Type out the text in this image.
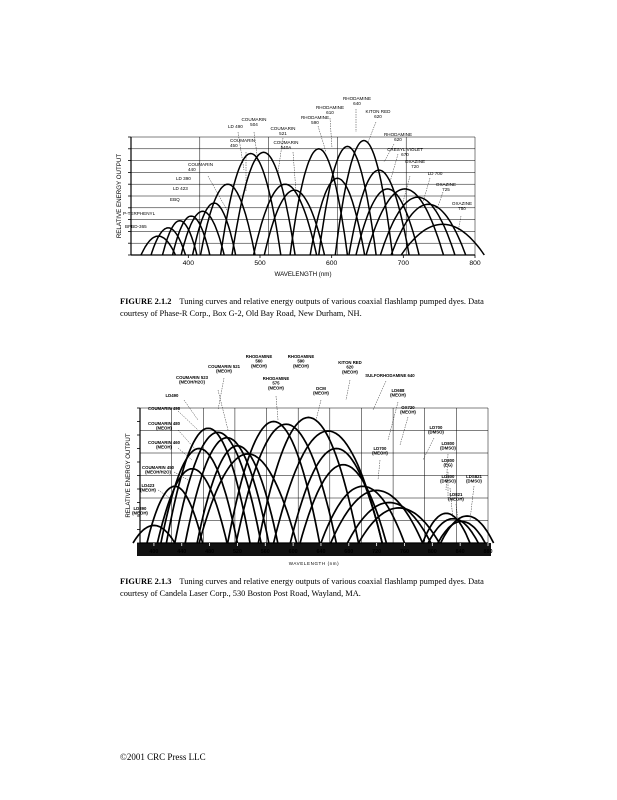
400	500	600	700	800
WAVELENGTH (nm)
RELATIVE ENERGY OUTPUT BPBD-365
P-TERPHENYL
EBQ
LD 423
LD 390
COUMARIN
440
COUMARIN
450
LD 490
COUMARIN
504
COUMARIN
521
COUMARIN
540A
RHODAMINE
590
RHODAMINE
610	KITON RED
620
RHODAMINE
640
RHODAMINE
620
CRESYL VIOLET
670
OXAZINE
720
LD 700
OXAZINE
725
OXAZINE
750
FIGURE 2.1.2 Tuning curves and relative energy outputs of various coaxial flashlamp pumped dyes. Data courtesy of Phase-R Corp., Box G-2, Old Bay Road, New Durham, NH.
400	440	480	520	560	600	640	680	720	760	800	840	880
WAVELENGTH (nm)
RELATIVE ENERGY OUTPUT
RHODAMINE
560
(MEOH)
RHODAMINE
590
(MEOH)
KITON RED
620
(MEOH)
COUMARIN 521
(MEOH)
SULFORHODAMINE 640
COUMARIN 523
(MEOH/H2O)
RHODAMINE
575
(MEOH)	DCM
(MEOH)
LD490
LD688
(MEOH)
COUMARIN 498	OX720
(MEOH)
COUMARIN 480
(MEOH)	LD700
(DMSO)
COUMARIN 460
(MEOH)	LD700
(MEOH)
LD800
(DMSO)
COUMARIN 450
(MEOH/H2O)
LD800
(EG)
LD423
(MEOH)
LD800
(DMSO)
LDS821
(DMSO)
LD390
(MEOH)
LD821
(MEOH)
FIGURE 2.1.3 Tuning curves and relative energy outputs of various coaxial flashlamp pumped dyes. Data courtesy of Candela Laser Corp., 530 Boston Post Road, Wayland, MA.
©2001 CRC Press LLC
